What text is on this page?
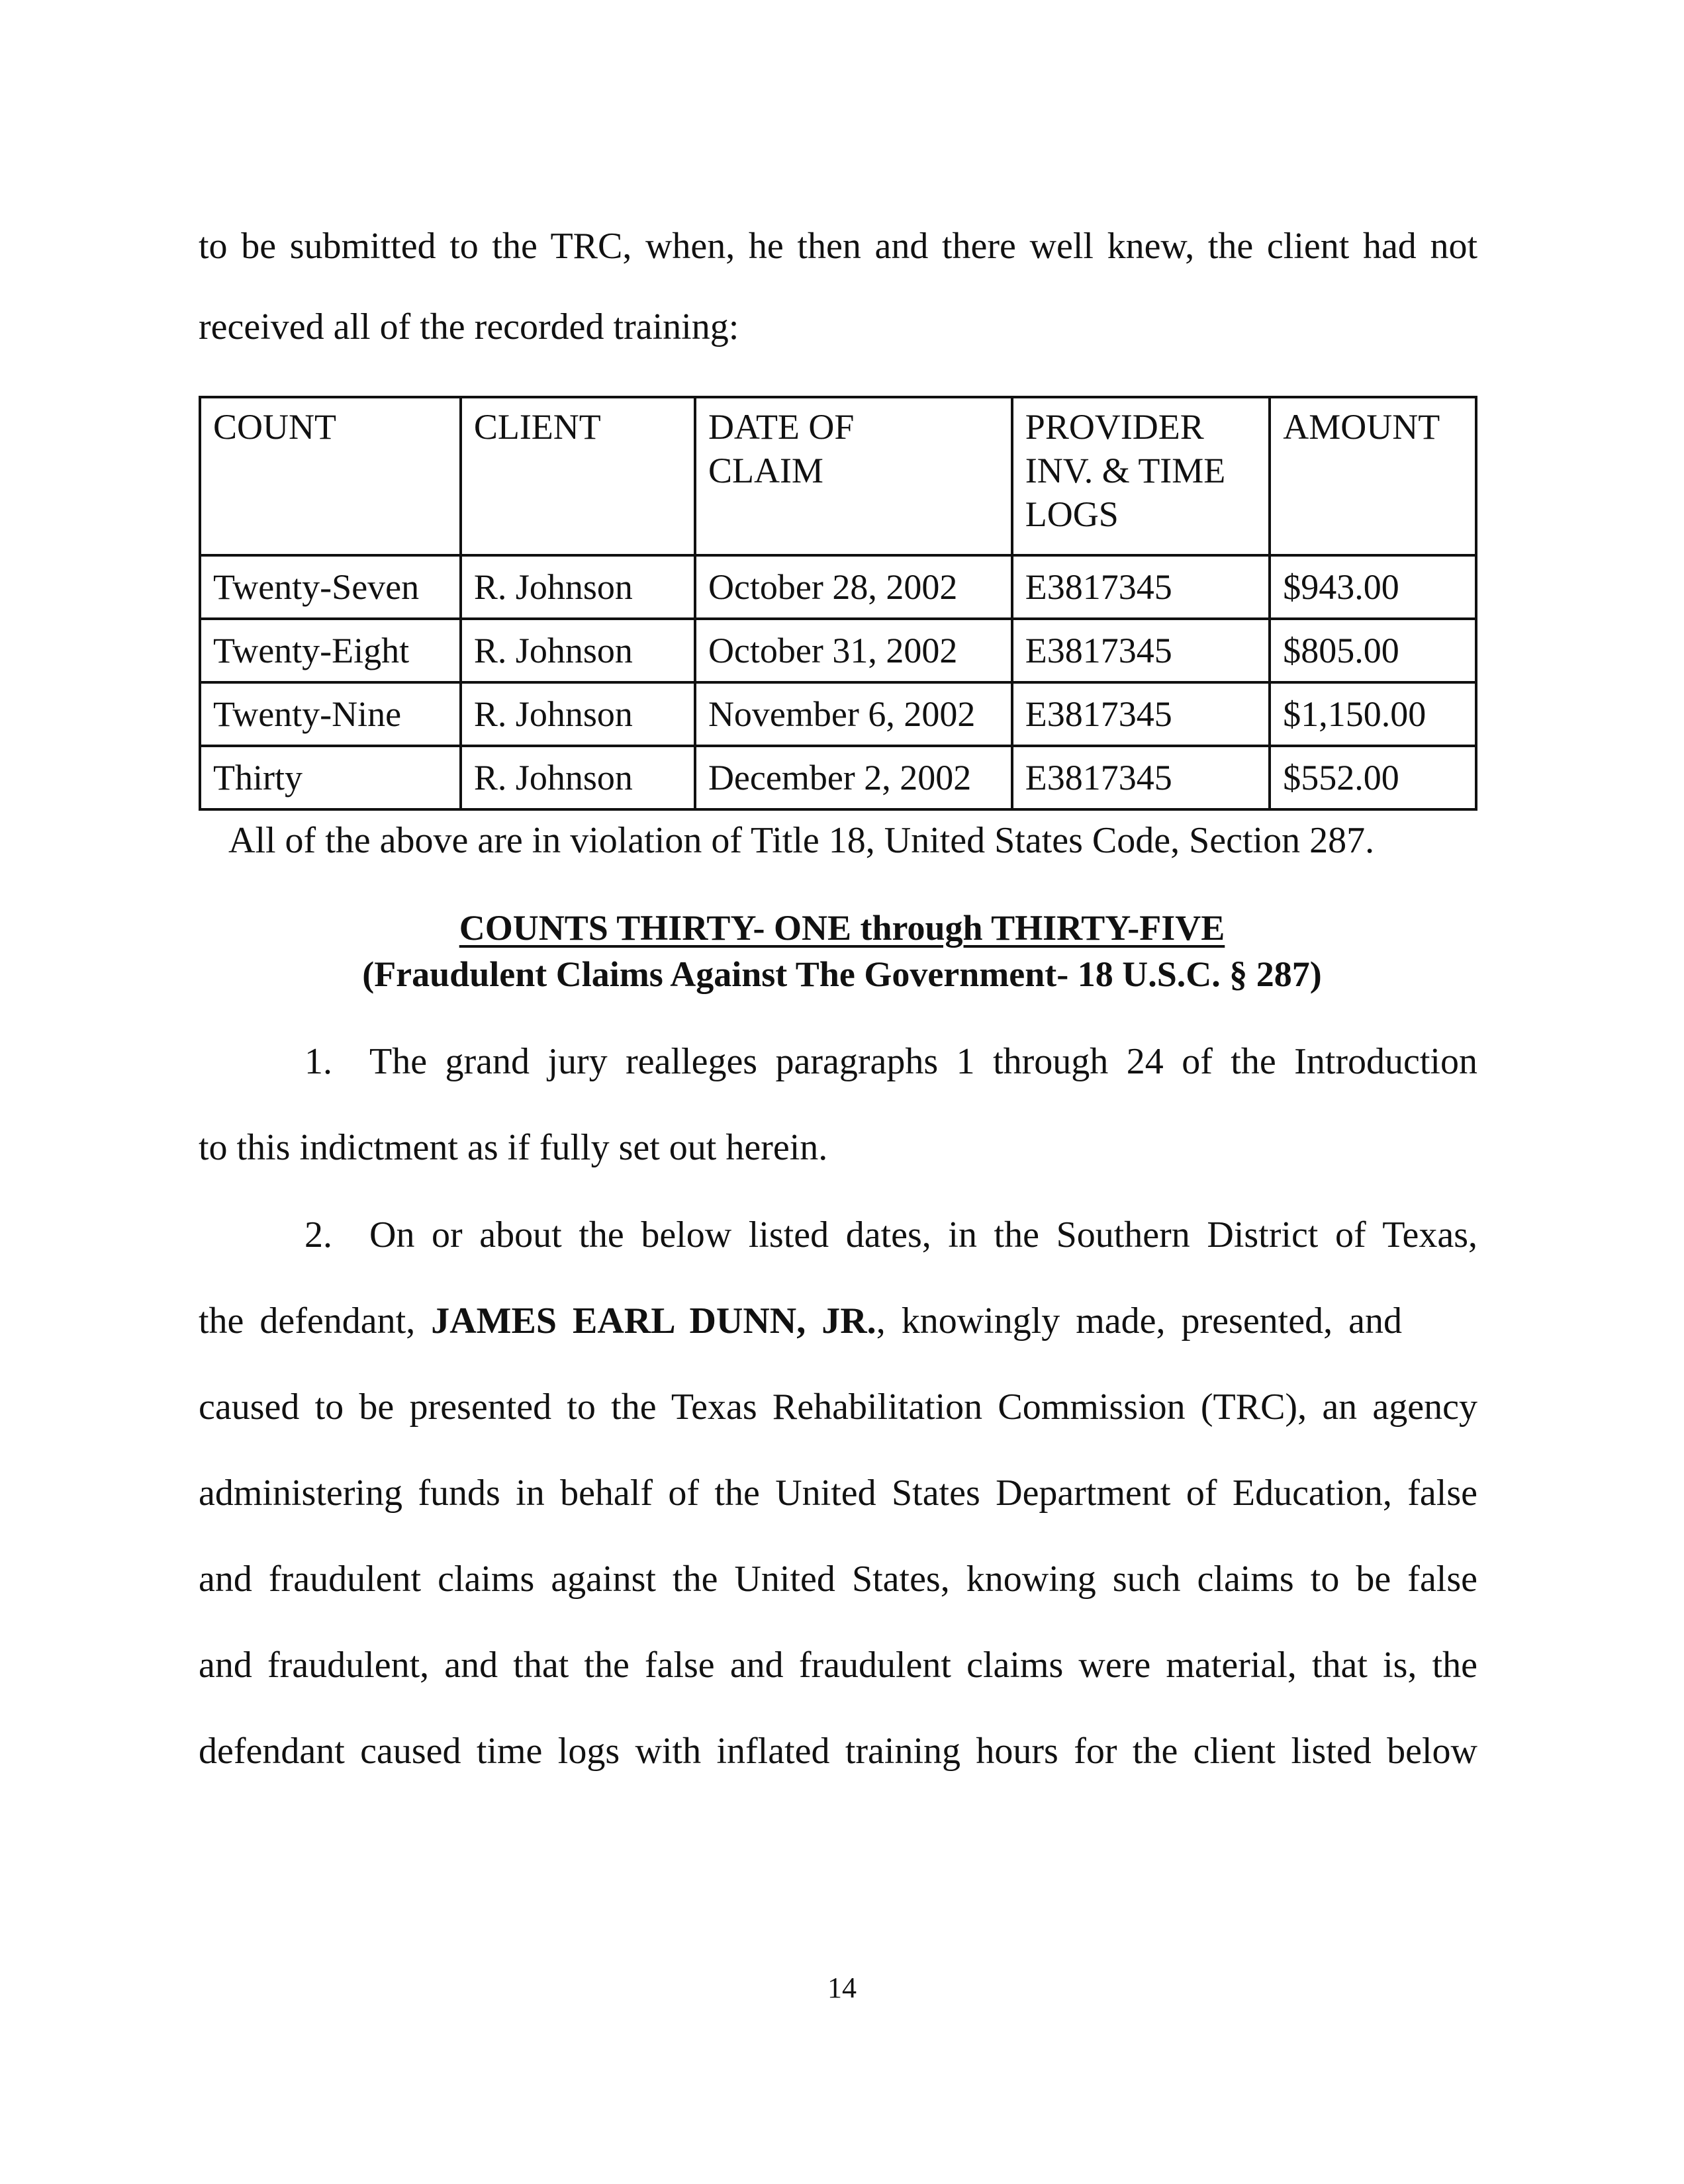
to be submitted to the TRC, when, he then and there well knew, the client had not
received all of the recorded training:
COUNT	CLIENT	DATE OF CLAIM	PROVIDER INV. & TIME LOGS	AMOUNT
Twenty-Seven	R. Johnson	October 28, 2002	E3817345	$943.00
Twenty-Eight	R. Johnson	October 31, 2002	E3817345	$805.00
Twenty-Nine	R. Johnson	November 6, 2002	E3817345	$1,150.00
Thirty	R. Johnson	December 2, 2002	E3817345	$552.00
All of the above are in violation of Title 18, United States Code, Section 287.
COUNTS THIRTY- ONE through THIRTY-FIVE
(Fraudulent Claims Against The Government- 18 U.S.C. § 287)
1. The grand jury realleges paragraphs 1 through 24 of the Introduction
to this indictment as if fully set out herein.
2. On or about the below listed dates, in the Southern District of Texas,
the defendant, JAMES EARL DUNN, JR., knowingly made, presented, and
caused to be presented to the Texas Rehabilitation Commission (TRC), an agency
administering funds in behalf of the United States Department of Education, false
and fraudulent claims against the United States, knowing such claims to be false
and fraudulent, and that the false and fraudulent claims were material, that is, the
defendant caused time logs with inflated training hours for the client listed below
14
